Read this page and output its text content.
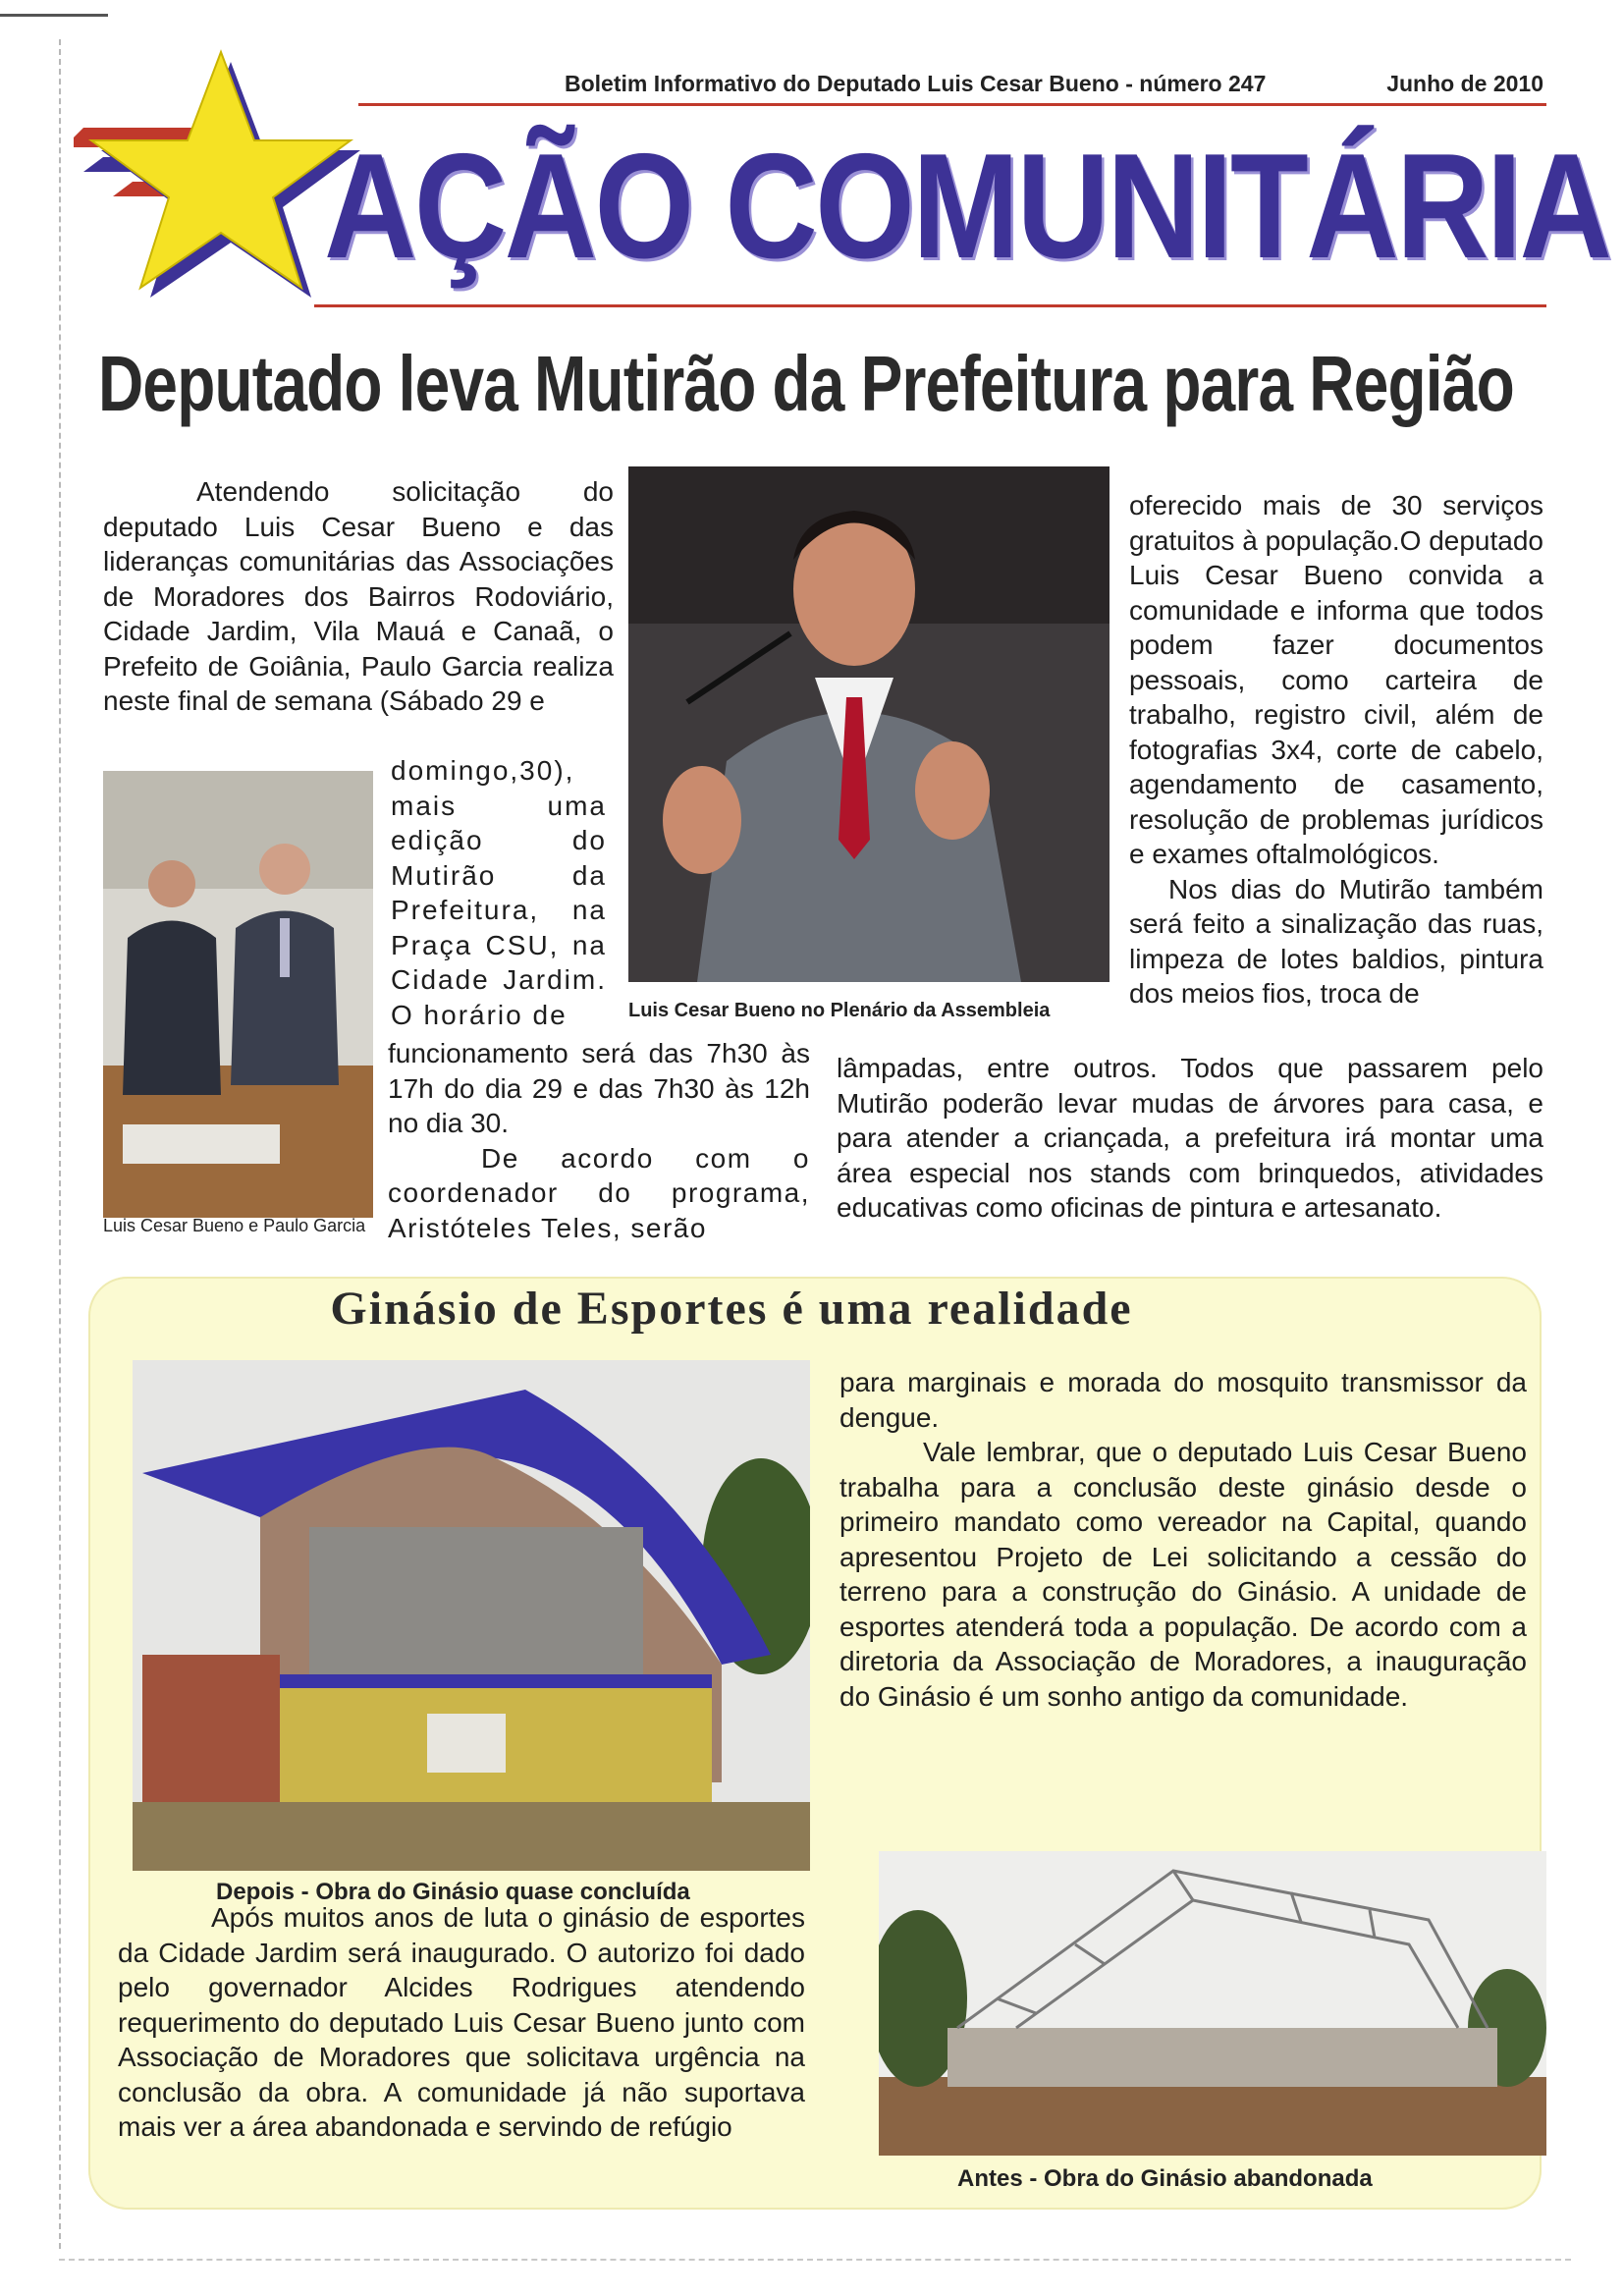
Boletim Informativo do Deputado Luis Cesar Bueno - número 247	Junho de 2010
AÇÃO COMUNITÁRIA
Deputado leva Mutirão da Prefeitura para Região

Atendendo solicitação do deputado Luis Cesar Bueno e das lideranças comunitárias das Associações de Moradores dos Bairros Rodoviário, Cidade Jardim, Vila Mauá e Canaã, o Prefeito de Goiânia, Paulo Garcia realiza neste final de semana (Sábado 29 e

Luis Cesar Bueno e Paulo Garcia

domingo,30), mais uma edição do Mutirão da Prefeitura, na Praça CSU, na Cidade Jardim. O horário de

funcionamento será das 7h30 às 17h do dia 29 e das 7h30 às 12h no dia 30.

De acordo com o coordenador do programa, Aristóteles Teles, serão

Luis Cesar Bueno no Plenário da Assembleia

oferecido mais de 30 serviços gratuitos à população.O deputado Luis Cesar Bueno convida a comunidade e informa que todos podem fazer documentos pessoais, como carteira de trabalho, registro civil, além de fotografias 3x4, corte de cabelo, agendamento de casamento, resolução de problemas jurídicos e exames oftalmológicos.

Nos dias do Mutirão também será feito a sinalização das ruas, limpeza de lotes baldios, pintura dos meios fios, troca de

lâmpadas, entre outros. Todos que passarem pelo Mutirão poderão levar mudas de árvores para casa, e para atender a criançada, a prefeitura irá montar uma área especial nos stands com brinquedos, atividades educativas como oficinas de pintura e artesanato.

Ginásio de Esportes é uma realidade
Depois - Obra do Ginásio quase concluída

para marginais e morada do mosquito transmissor da dengue.

Vale lembrar, que o deputado Luis Cesar Bueno trabalha para a conclusão deste ginásio desde o primeiro mandato como vereador na Capital, quando apresentou Projeto de Lei solicitando a cessão do terreno para a construção do Ginásio. A unidade de esportes atenderá toda a população. De acordo com a diretoria da Associação de Moradores, a inauguração do Ginásio é um sonho antigo da comunidade.

Após muitos anos de luta o ginásio de esportes da Cidade Jardim será inaugurado. O autorizo foi dado pelo governador Alcides Rodrigues atendendo requerimento do deputado Luis Cesar Bueno junto com Associação de Moradores que solicitava urgência na conclusão da obra. A comunidade já não suportava mais ver a área abandonada e servindo de refúgio

Antes - Obra do Ginásio abandonada
